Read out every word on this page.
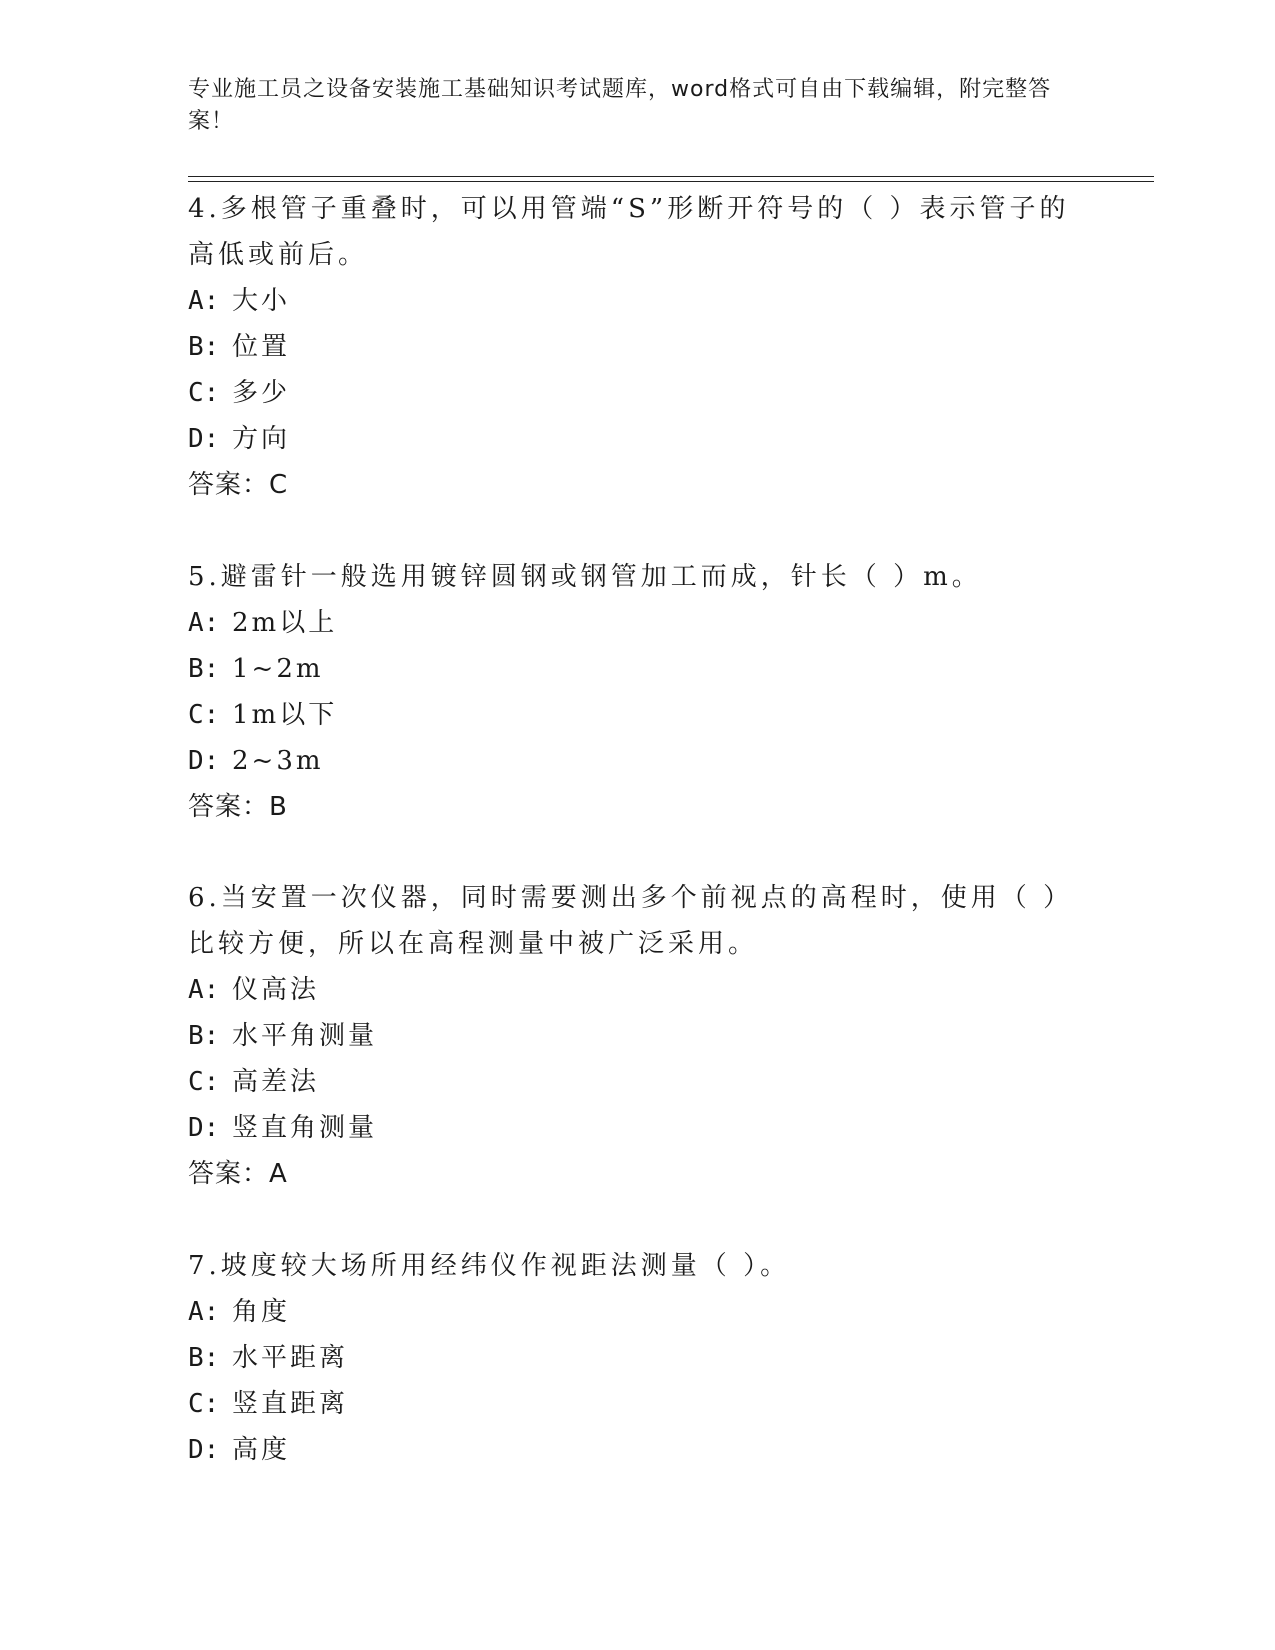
专业施工员之设备安装施工基础知识考试题库，word格式可自由下载编辑，附完整答案！

4.多根管子重叠时，可以用管端“S”形断开符号的（ ）表示管子的高低或前后。

A: 大小
B: 位置
C: 多少
D: 方向
答案：C

5.避雷针一般选用镀锌圆钢或钢管加工而成，针长（ ）m。

A: 2m以上
B: 1~2m
C: 1m以下
D: 2~3m
答案：B

6.当安置一次仪器，同时需要测出多个前视点的高程时，使用（ ）比较方便，所以在高程测量中被广泛采用。

A: 仪高法
B: 水平角测量
C: 高差法
D: 竖直角测量
答案：A

7.坡度较大场所用经纬仪作视距法测量（ ）。

A: 角度
B: 水平距离
C: 竖直距离
D: 高度
